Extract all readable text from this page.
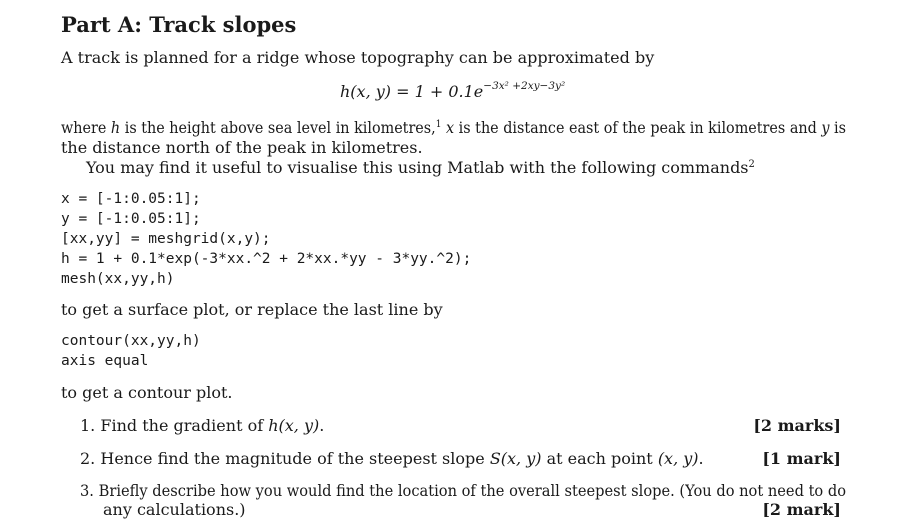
Part A: Track slopes
A track is planned for a ridge whose topography can be approximated by
h(x, $y) = 1 + 0.1e^{-3x^2 +2xy-3y^2}$
where h is the height above sea level in kilometres,$^1$ x is the distance east of the peak in kilometres and y is
the distance north of the peak in kilometres.
You may find it useful to visualise this using Matlab with the following commands$^2$
x = [-1:0.05:1];
y = [-1:0.05:1];
[xx,yy] = meshgrid(x,y);
h = 1 + 0.1*exp(-3*xx.^2 + 2*xx.*yy - 3*yy.^2);
mesh(xx,yy,h)
to get a surface plot, or replace the last line by
contour(xx,yy,h)
axis equal
to get a contour plot.
1. Find the gradient of h(x, y).	[2 marks]
2. Hence find the magnitude of the steepest slope S(x, y) at each point (x, y).	[1 mark]
3. Briefly describe how you would find the location of the overall steepest slope. (You do not need to do
any calculations.)	[2 mark]
